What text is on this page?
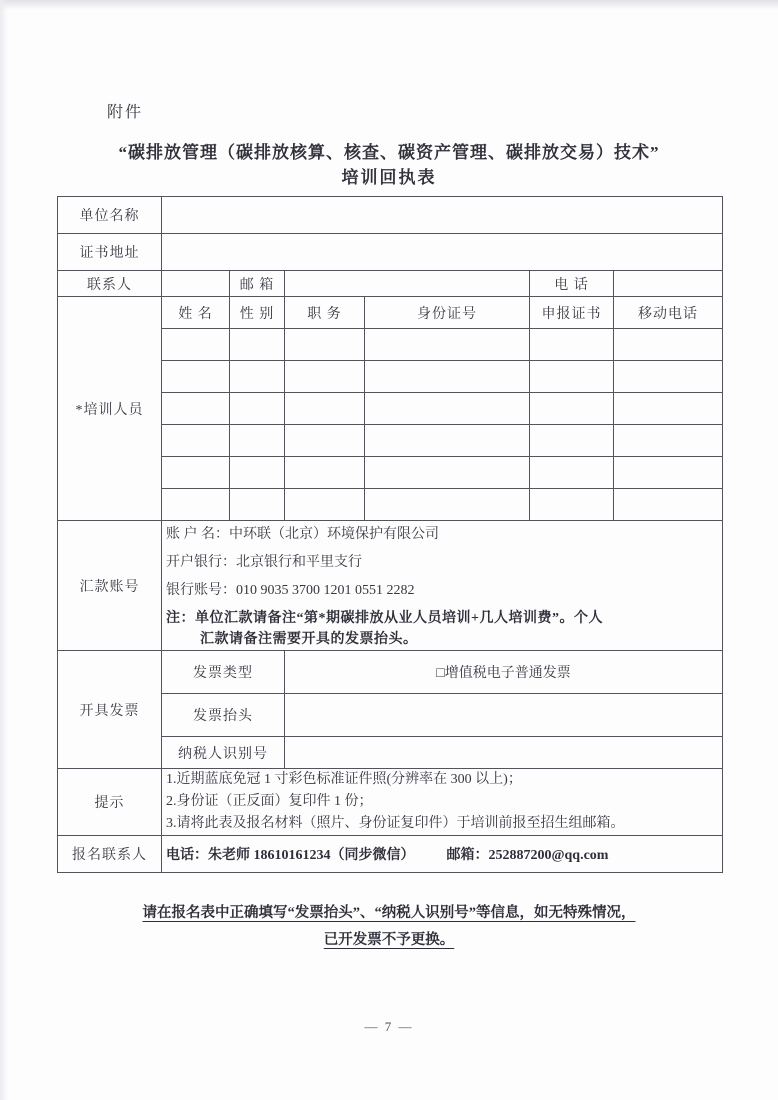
附件
“碳排放管理（碳排放核算、核查、碳资产管理、碳排放交易）技术”
培训回执表
单位名称						
证书地址						
联系人		邮 箱			电 话	
*培训人员	姓 名	性 别	职 务	身份证号	申报证书	移动电话

汇款账号	账 户 名：中环联（北京）环境保护有限公司
开户银行：北京银行和平里支行
银行账号：010 9035 3700 1201 0551 2282
注：单位汇款请备注“第*期碳排放从业人员培训+几人培训费”。个人
汇款请备注需要开具的发票抬头。					

开具发票	发票类型		□增值税电子普通发票			
	发票抬头					
	纳税人识别号					
提示	1.近期蓝底免冠 1 寸彩色标准证件照(分辨率在 300 以上)；
2.身份证（正反面）复印件 1 份；
3.请将此表及报名材料（照片、身份证复印件）于培训前报至招生组邮箱。					

报名联系人	电话：朱老师 18610161234（同步微信） 邮箱：252887200@qq.com					
请在报名表中正确填写“发票抬头”、“纳税人识别号”等信息，如无特殊情况，
已开发票不予更换。
— 7 —
